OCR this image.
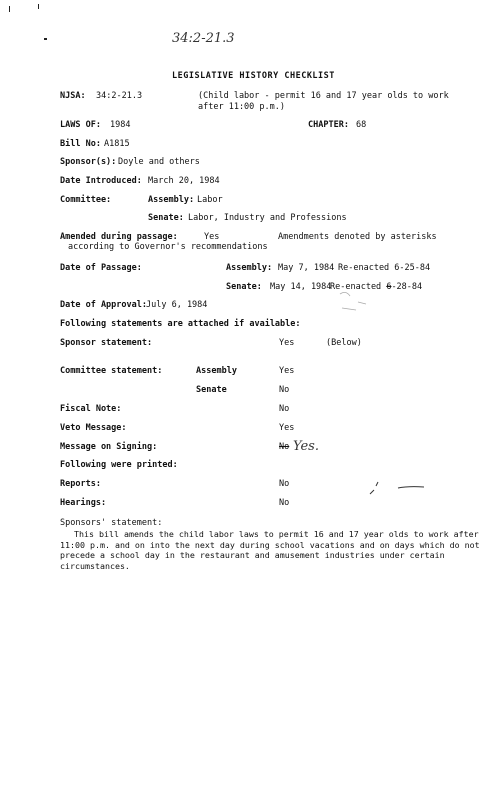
34:2-21.3
LEGISLATIVE HISTORY CHECKLIST
NJSA: 34:2-21.3	(Child labor - permit 16 and 17 year olds to work
after 11:00 p.m.)
LAWS OF: 1984	CHAPTER: 68
Bill No: A1815
Sponsor(s): Doyle and others
Date Introduced: March 20, 1984
Committee:	Assembly: Labor
Senate: Labor, Industry and Professions
Amended during passage:	Yes	Amendments denoted by asterisks
according to Governor's recommendations
Date of Passage:	Assembly: May 7, 1984 Re-enacted 6-25-84
Senate: May 14, 1984
Re-enacted 6-28-84
Date of Approval: July 6, 1984
Following statements are attached if available:
Sponsor statement:	Yes	(Below)
Committee statement:	Assembly	Yes
Senate	No
Fiscal Note:	No
Veto Message:	Yes
Message on Signing:	No Yes.
Following were printed:
Reports:	No
Hearings:	No
Sponsors' statement:
This bill amends the child labor laws to permit 16 and 17 year olds to work after 11:00 p.m. and on into the next day during school vacations and on days which do not precede a school day in the restaurant and amusement industries under certain circumstances.
